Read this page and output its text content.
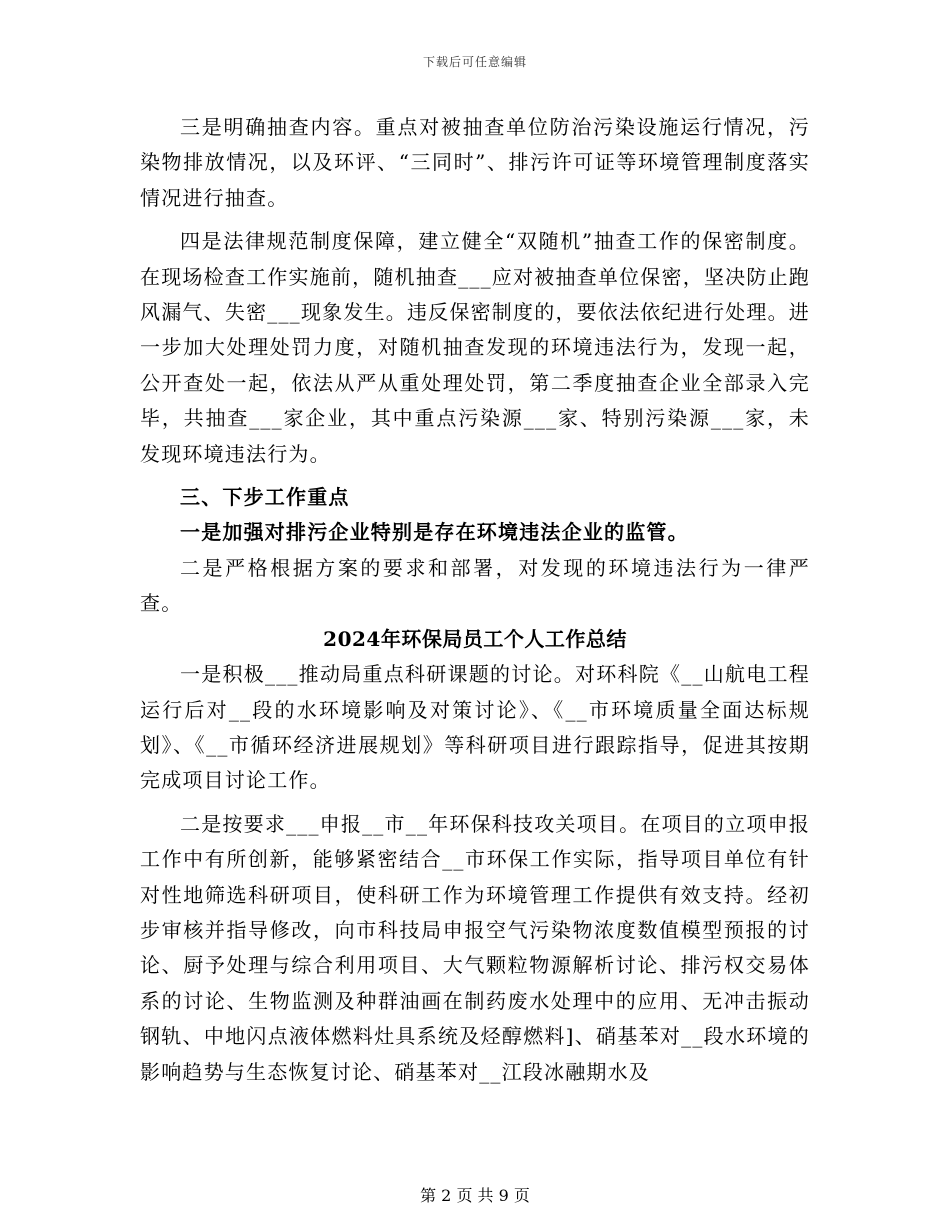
下载后可任意编辑

三是明确抽查内容。重点对被抽查单位防治污染设施运行情况，污染物排放情况，以及环评、“三同时”、排污许可证等环境管理制度落实情况进行抽查。

四是法律规范制度保障，建立健全“双随机”抽查工作的保密制度。在现场检查工作实施前，随机抽查___应对被抽查单位保密，坚决防止跑风漏气、失密___现象发生。违反保密制度的，要依法依纪进行处理。进一步加大处理处罚力度，对随机抽查发现的环境违法行为，发现一起，公开查处一起，依法从严从重处理处罚，第二季度抽查企业全部录入完毕，共抽查___家企业，其中重点污染源___家、特别污染源___家，未发现环境违法行为。

三、下步工作重点

一是加强对排污企业特别是存在环境违法企业的监管。

二是严格根据方案的要求和部署，对发现的环境违法行为一律严查。

2024年环保局员工个人工作总结

一是积极___推动局重点科研课题的讨论。对环科院《__山航电工程运行后对__段的水环境影响及对策讨论》、《__市环境质量全面达标规划》、《__市循环经济进展规划》等科研项目进行跟踪指导，促进其按期完成项目讨论工作。

二是按要求___申报__市__年环保科技攻关项目。在项目的立项申报工作中有所创新，能够紧密结合__市环保工作实际，指导项目单位有针对性地筛选科研项目，使科研工作为环境管理工作提供有效支持。经初步审核并指导修改，向市科技局申报空气污染物浓度数值模型预报的讨论、厨予处理与综合利用项目、大气颗粒物源解析讨论、排污权交易体系的讨论、生物监测及种群油画在制药废水处理中的应用、无冲击振动钢轨、中地闪点液体燃料灶具系统及烃醇燃料]、硝基苯对__段水环境的影响趋势与生态恢复讨论、硝基苯对__江段冰融期水及

第 2 页 共 9 页
